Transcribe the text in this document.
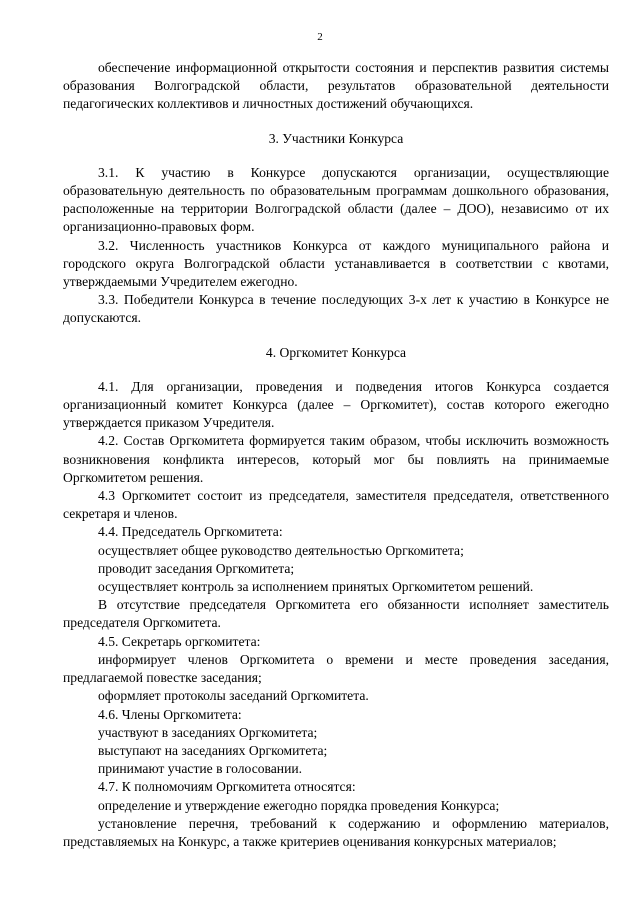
2

обеспечение информационной открытости состояния и перспектив развития системы образования Волгоградской области, результатов образовательной деятельности педагогических коллективов и личностных достижений обучающихся.

3. Участники Конкурса

3.1. К участию в Конкурсе допускаются организации, осуществляющие образовательную деятельность по образовательным программам дошкольного образования, расположенные на территории Волгоградской области (далее – ДОО), независимо от их организационно-правовых форм.

3.2. Численность участников Конкурса от каждого муниципального района и городского округа Волгоградской области устанавливается в соответствии с квотами, утверждаемыми Учредителем ежегодно.

3.3. Победители Конкурса в течение последующих 3-х лет к участию в Конкурсе не допускаются.

4. Оргкомитет Конкурса

4.1. Для организации, проведения и подведения итогов Конкурса создается организационный комитет Конкурса (далее – Оргкомитет), состав которого ежегодно утверждается приказом Учредителя.

4.2. Состав Оргкомитета формируется таким образом, чтобы исключить возможность возникновения конфликта интересов, который мог бы повлиять на принимаемые Оргкомитетом решения.

4.3 Оргкомитет состоит из председателя, заместителя председателя, ответственного секретаря и членов.

4.4. Председатель Оргкомитета:

осуществляет общее руководство деятельностью Оргкомитета;

проводит заседания Оргкомитета;

осуществляет контроль за исполнением принятых Оргкомитетом решений.

В отсутствие председателя Оргкомитета его обязанности исполняет заместитель председателя Оргкомитета.

4.5. Секретарь оргкомитета:

информирует членов Оргкомитета о времени и месте проведения заседания, предлагаемой повестке заседания;

оформляет протоколы заседаний Оргкомитета.

4.6. Члены Оргкомитета:

участвуют в заседаниях Оргкомитета;

выступают на заседаниях Оргкомитета;

принимают участие в голосовании.

4.7. К полномочиям Оргкомитета относятся:

определение и утверждение ежегодно порядка проведения Конкурса;

установление перечня, требований к содержанию и оформлению материалов, представляемых на Конкурс, а также критериев оценивания конкурсных материалов;
